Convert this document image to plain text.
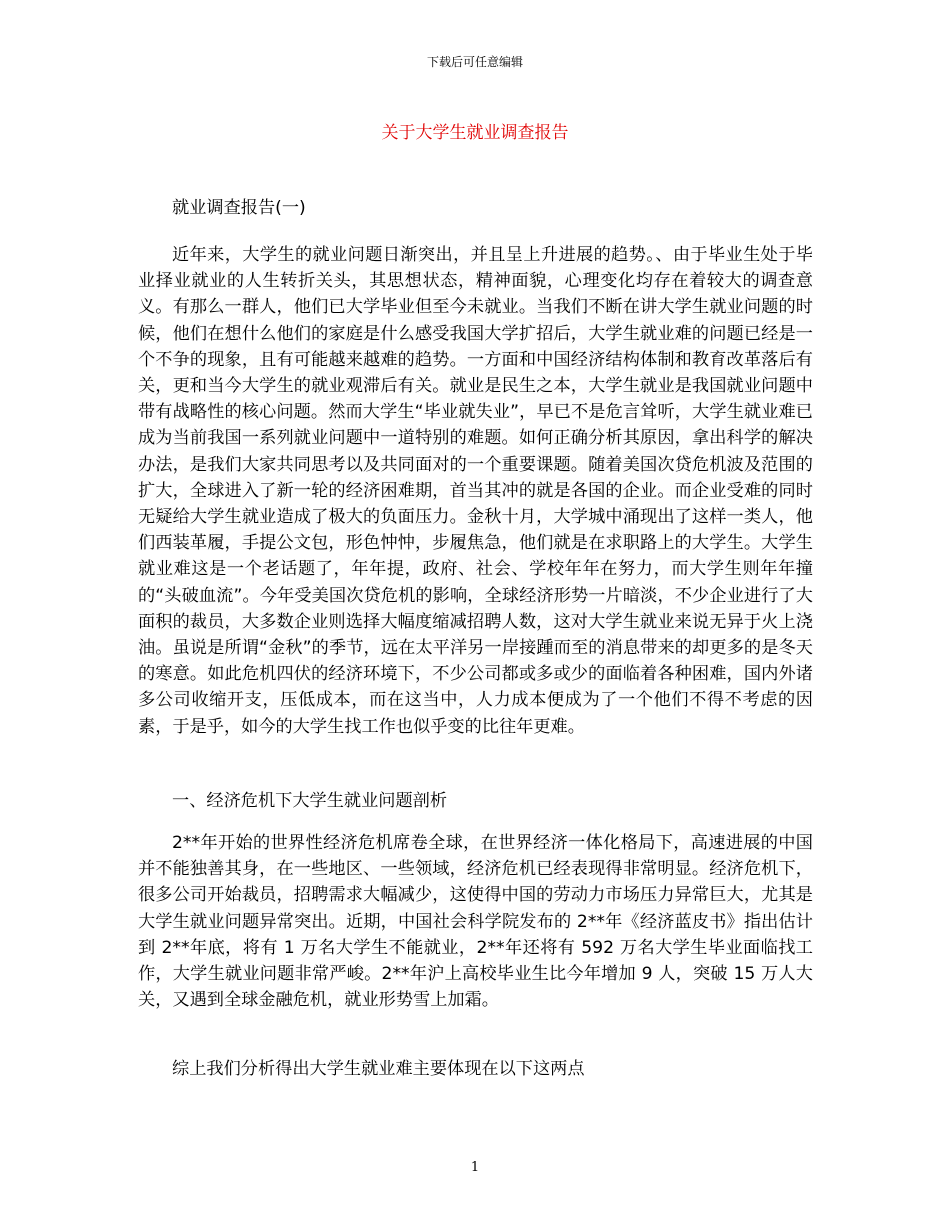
下载后可任意编辑
关于大学生就业调查报告
就业调查报告(一)
近年来，大学生的就业问题日渐突出，并且呈上升进展的趋势。、由于毕业生处于毕业择业就业的人生转折关头，其思想状态，精神面貌，心理变化均存在着较大的调查意义。有那么一群人，他们已大学毕业但至今未就业。当我们不断在讲大学生就业问题的时候，他们在想什么他们的家庭是什么感受我国大学扩招后，大学生就业难的问题已经是一个不争的现象，且有可能越来越难的趋势。一方面和中国经济结构体制和教育改革落后有关，更和当今大学生的就业观滞后有关。就业是民生之本，大学生就业是我国就业问题中带有战略性的核心问题。然而大学生“毕业就失业”，早已不是危言耸听，大学生就业难已成为当前我国一系列就业问题中一道特别的难题。如何正确分析其原因，拿出科学的解决办法，是我们大家共同思考以及共同面对的一个重要课题。随着美国次贷危机波及范围的扩大，全球进入了新一轮的经济困难期，首当其冲的就是各国的企业。而企业受难的同时无疑给大学生就业造成了极大的负面压力。金秋十月，大学城中涌现出了这样一类人，他们西装革履，手提公文包，形色忡忡，步履焦急，他们就是在求职路上的大学生。大学生就业难这是一个老话题了，年年提，政府、社会、学校年年在努力，而大学生则年年撞的“头破血流”。今年受美国次贷危机的影响，全球经济形势一片暗淡，不少企业进行了大面积的裁员，大多数企业则选择大幅度缩减招聘人数，这对大学生就业来说无异于火上浇油。虽说是所谓“金秋”的季节，远在太平洋另一岸接踵而至的消息带来的却更多的是冬天的寒意。如此危机四伏的经济环境下，不少公司都或多或少的面临着各种困难，国内外诸多公司收缩开支，压低成本，而在这当中，人力成本便成为了一个他们不得不考虑的因素，于是乎，如今的大学生找工作也似乎变的比往年更难。
一、经济危机下大学生就业问题剖析
2**年开始的世界性经济危机席卷全球，在世界经济一体化格局下，高速进展的中国并不能独善其身，在一些地区、一些领域，经济危机已经表现得非常明显。经济危机下，很多公司开始裁员，招聘需求大幅减少，这使得中国的劳动力市场压力异常巨大，尤其是大学生就业问题异常突出。近期，中国社会科学院发布的 2**年《经济蓝皮书》指出估计到 2**年底，将有 1 万名大学生不能就业，2**年还将有 592 万名大学生毕业面临找工作，大学生就业问题非常严峻。2**年沪上高校毕业生比今年增加 9 人，突破 15 万人大关，又遇到全球金融危机，就业形势雪上加霜。
综上我们分析得出大学生就业难主要体现在以下这两点
1
